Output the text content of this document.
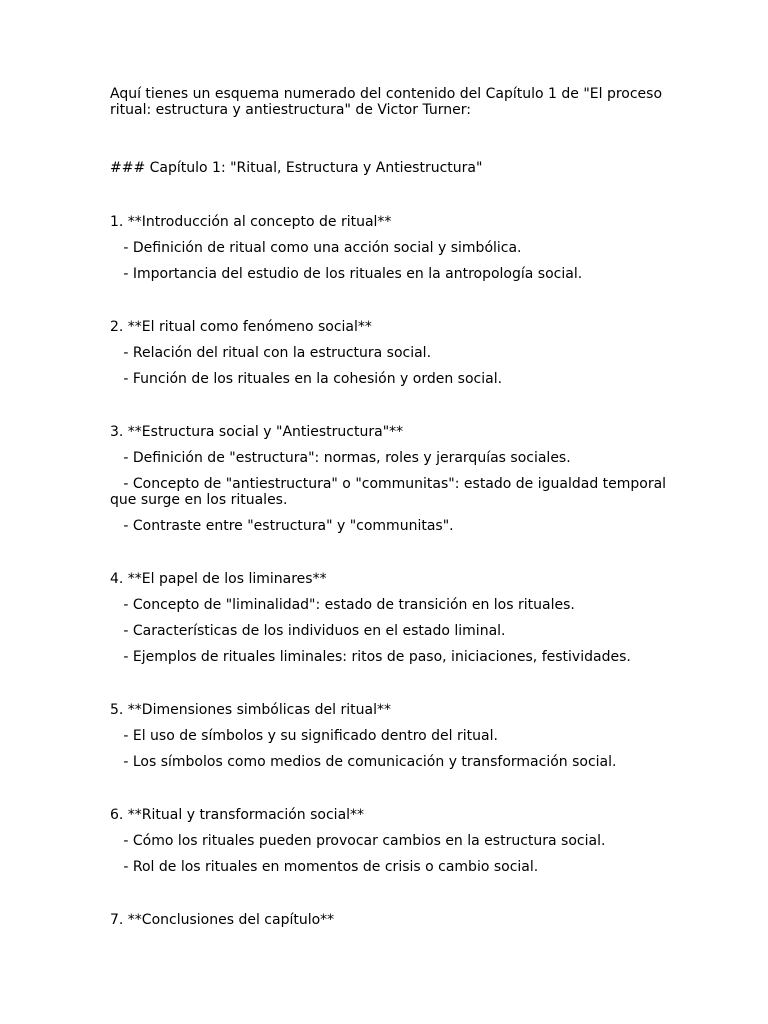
Aquí tienes un esquema numerado del contenido del Capítulo 1 de "El proceso ritual: estructura y antiestructura" de Victor Turner:
### Capítulo 1: "Ritual, Estructura y Antiestructura"
1. **Introducción al concepto de ritual**
- Definición de ritual como una acción social y simbólica.
- Importancia del estudio de los rituales en la antropología social.
2. **El ritual como fenómeno social**
- Relación del ritual con la estructura social.
- Función de los rituales en la cohesión y orden social.
3. **Estructura social y "Antiestructura"**
- Definición de "estructura": normas, roles y jerarquías sociales.
- Concepto de "antiestructura" o "communitas": estado de igualdad temporal que surge en los rituales.
- Contraste entre "estructura" y "communitas".
4. **El papel de los liminares**
- Concepto de "liminalidad": estado de transición en los rituales.
- Características de los individuos en el estado liminal.
- Ejemplos de rituales liminales: ritos de paso, iniciaciones, festividades.
5. **Dimensiones simbólicas del ritual**
- El uso de símbolos y su significado dentro del ritual.
- Los símbolos como medios de comunicación y transformación social.
6. **Ritual y transformación social**
- Cómo los rituales pueden provocar cambios en la estructura social.
- Rol de los rituales en momentos de crisis o cambio social.
7. **Conclusiones del capítulo**
